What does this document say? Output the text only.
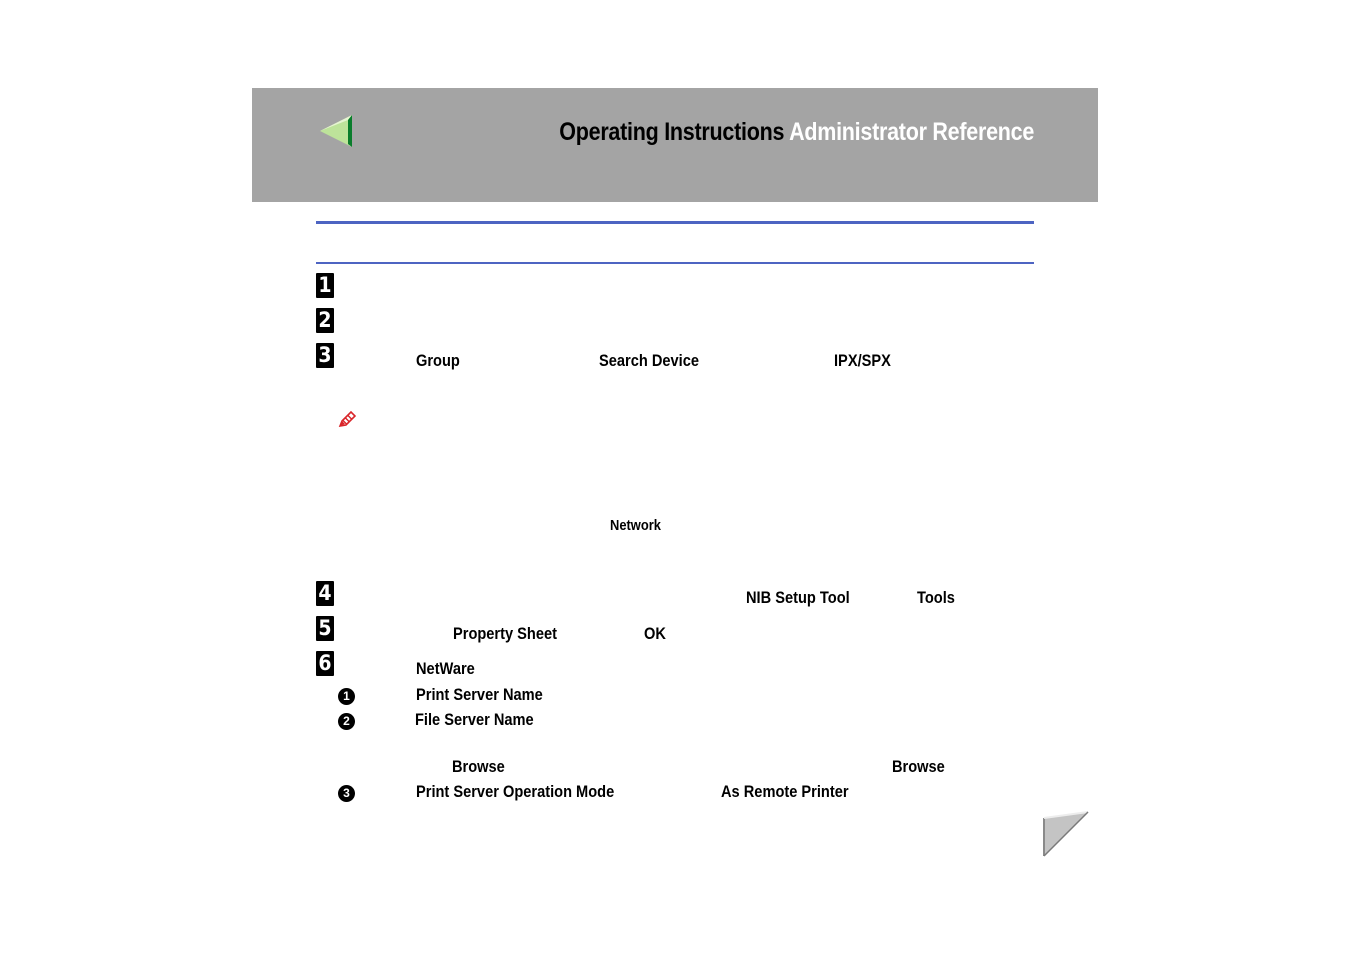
Operating Instructions Administrator Reference
1
2
3	Group	Search Device	IPX/SPX
Network
4	NIB Setup Tool	Tools
5	Property Sheet	OK
6	NetWare
1	Print Server Name
2	File Server Name
Browse	Browse
3	Print Server Operation Mode	As Remote Printer
